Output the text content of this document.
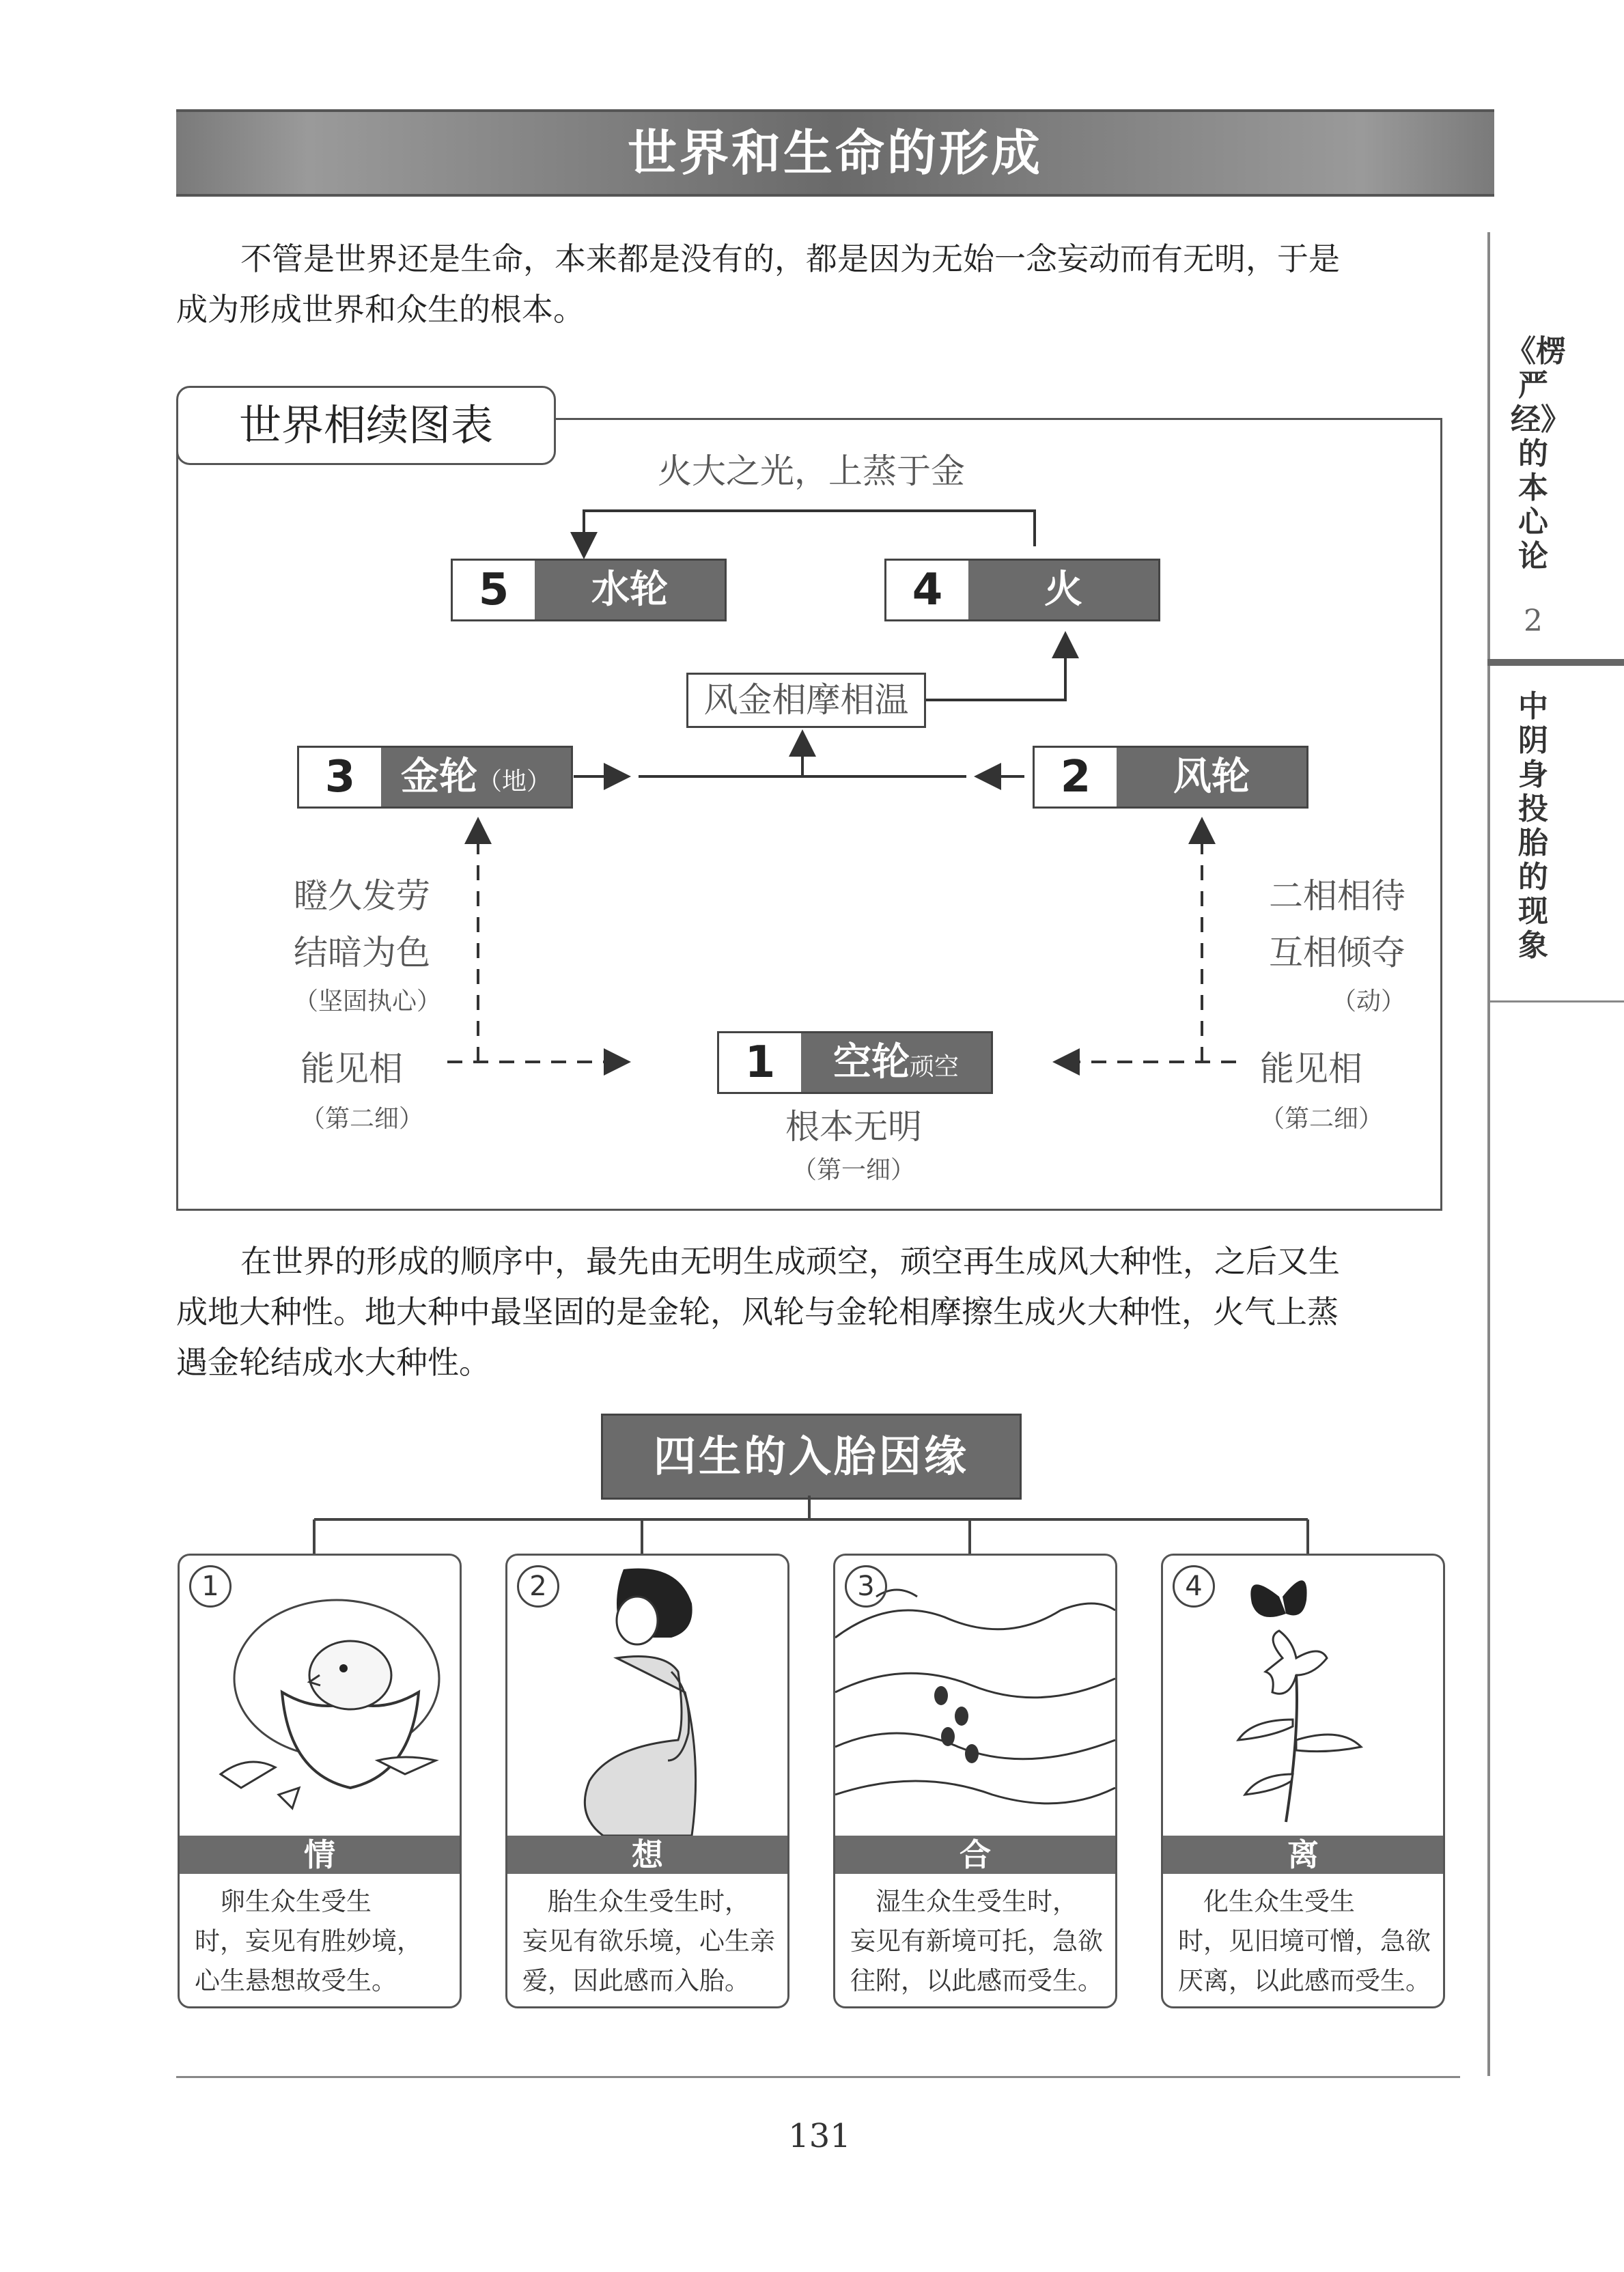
世界和生命的形成
《楞严经》的本心论
2
中阴身投胎的现象
不管是世界还是生命，本来都是没有的，都是因为无始一念妄动而有无明，于是
成为形成世界和众生的根本。
世界相续图表
火大之光，上蒸于金
5	水轮	4	火
风金相摩相温
3	金轮（地）	2	风轮
瞪久发劳
结暗为色
（坚固执心）
二相相待
互相倾夺
（动）
能见相
（第二细）
能见相
（第二细）
1	空轮顽空
根本无明
（第一细）
在世界的形成的顺序中，最先由无明生成顽空，顽空再生成风大种性，之后又生
成地大种性。地大种中最坚固的是金轮，风轮与金轮相摩擦生成火大种性，火气上蒸
遇金轮结成水大种性。
四生的入胎因缘
1
情
　卵生众生受生
时，妄见有胜妙境，
心生悬想故受生。
2
想
　胎生众生受生时，
妄见有欲乐境，心生亲
爱，因此感而入胎。
3
合
　湿生众生受生时，
妄见有新境可托，急欲
往附，以此感而受生。
4
离
　化生众生受生
时，见旧境可憎，急欲
厌离，以此感而受生。
131
